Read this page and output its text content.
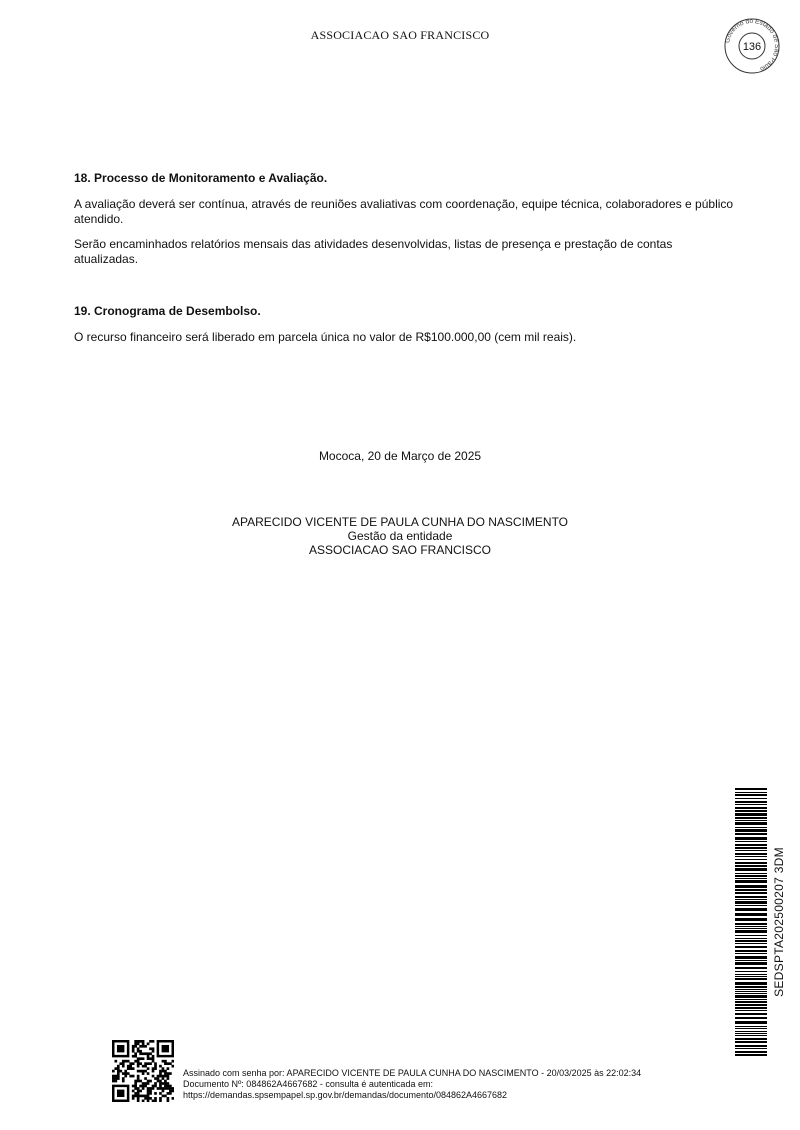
ASSOCIACAO SAO FRANCISCO	Governo do Estado de São Paulo
136
18. Processo de Monitoramento e Avaliação.
A avaliação deverá ser contínua, através de reuniões avaliativas com coordenação, equipe técnica, colaboradores e público atendido.
Serão encaminhados relatórios mensais das atividades desenvolvidas, listas de presença e prestação de contas atualizadas.
19. Cronograma de Desembolso.
O recurso financeiro será liberado em parcela única no valor de R$100.000,00 (cem mil reais).
Mococa, 20 de Março de 2025
APARECIDO VICENTE DE PAULA CUNHA DO NASCIMENTO
Gestão da entidade
ASSOCIACAO SAO FRANCISCO
SEDSPTA202500207 3DM
Assinado com senha por: APARECIDO VICENTE DE PAULA CUNHA DO NASCIMENTO - 20/03/2025 às 22:02:34
Documento Nº: 084862A4667682 - consulta é autenticada em:
https://demandas.spsempapel.sp.gov.br/demandas/documento/084862A4667682
